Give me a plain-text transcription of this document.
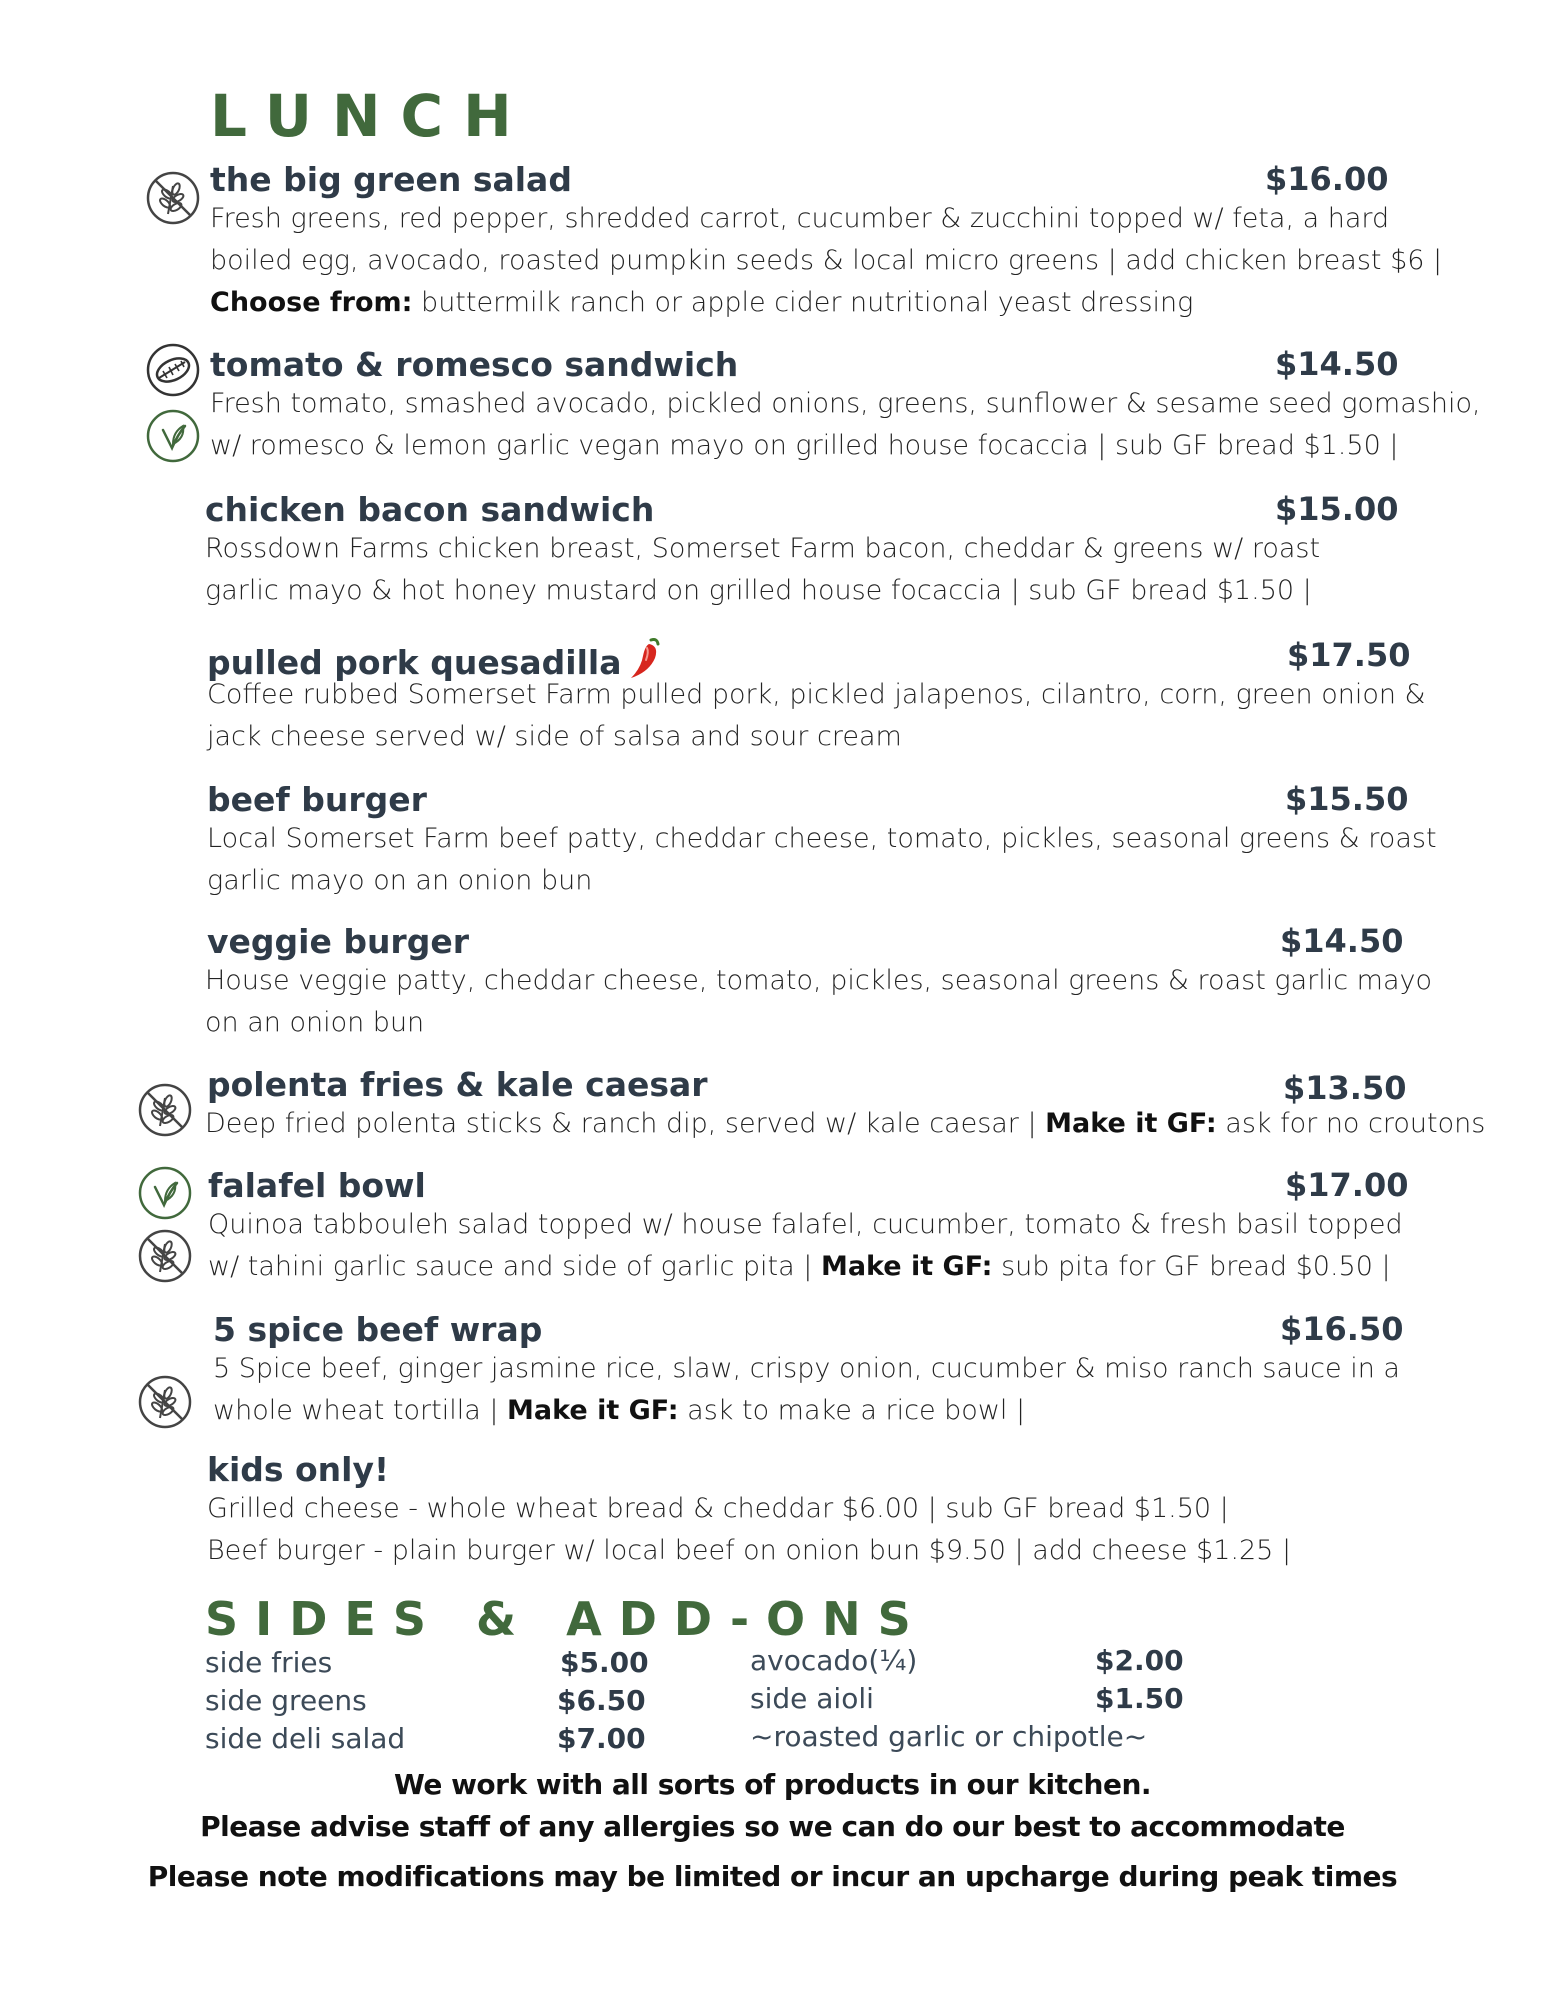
LUNCH
the big green salad	$16.00
Fresh greens, red pepper, shredded carrot, cucumber & zucchini topped w/ feta, a hard
boiled egg, avocado, roasted pumpkin seeds & local micro greens | add chicken breast $6 |
Choose from: buttermilk ranch or apple cider nutritional yeast dressing
tomato & romesco sandwich	$14.50
Fresh tomato, smashed avocado, pickled onions, greens, sunflower & sesame seed gomashio,
w/ romesco & lemon garlic vegan mayo on grilled house focaccia | sub GF bread $1.50 |
chicken bacon sandwich	$15.00
Rossdown Farms chicken breast, Somerset Farm bacon, cheddar & greens w/ roast
garlic mayo & hot honey mustard on grilled house focaccia | sub GF bread $1.50 |
pulled pork quesadilla	$17.50
Coffee rubbed Somerset Farm pulled pork, pickled jalapenos, cilantro, corn, green onion &
jack cheese served w/ side of salsa and sour cream
beef burger	$15.50
Local Somerset Farm beef patty, cheddar cheese, tomato, pickles, seasonal greens & roast
garlic mayo on an onion bun
veggie burger	$14.50
House veggie patty, cheddar cheese, tomato, pickles, seasonal greens & roast garlic mayo
on an onion bun
polenta fries & kale caesar	$13.50
Deep fried polenta sticks & ranch dip, served w/ kale caesar | Make it GF: ask for no croutons
falafel bowl	$17.00
Quinoa tabbouleh salad topped w/ house falafel, cucumber, tomato & fresh basil topped
w/ tahini garlic sauce and side of garlic pita | Make it GF: sub pita for GF bread $0.50 |
5 spice beef wrap	$16.50
5 Spice beef, ginger jasmine rice, slaw, crispy onion, cucumber & miso ranch sauce in a
whole wheat tortilla | Make it GF: ask to make a rice bowl |
kids only!
Grilled cheese - whole wheat bread & cheddar $6.00 | sub GF bread $1.50 |
Beef burger - plain burger w/ local beef on onion bun $9.50 | add cheese $1.25 |
SIDES & ADD-ONS
side fries	$5.00
side greens	$6.50
side deli salad	$7.00
avocado(¼)	$2.00
side aioli	$1.50
~roasted garlic or chipotle~
We work with all sorts of products in our kitchen.
Please advise staff of any allergies so we can do our best to accommodate
Please note modifications may be limited or incur an upcharge during peak times
